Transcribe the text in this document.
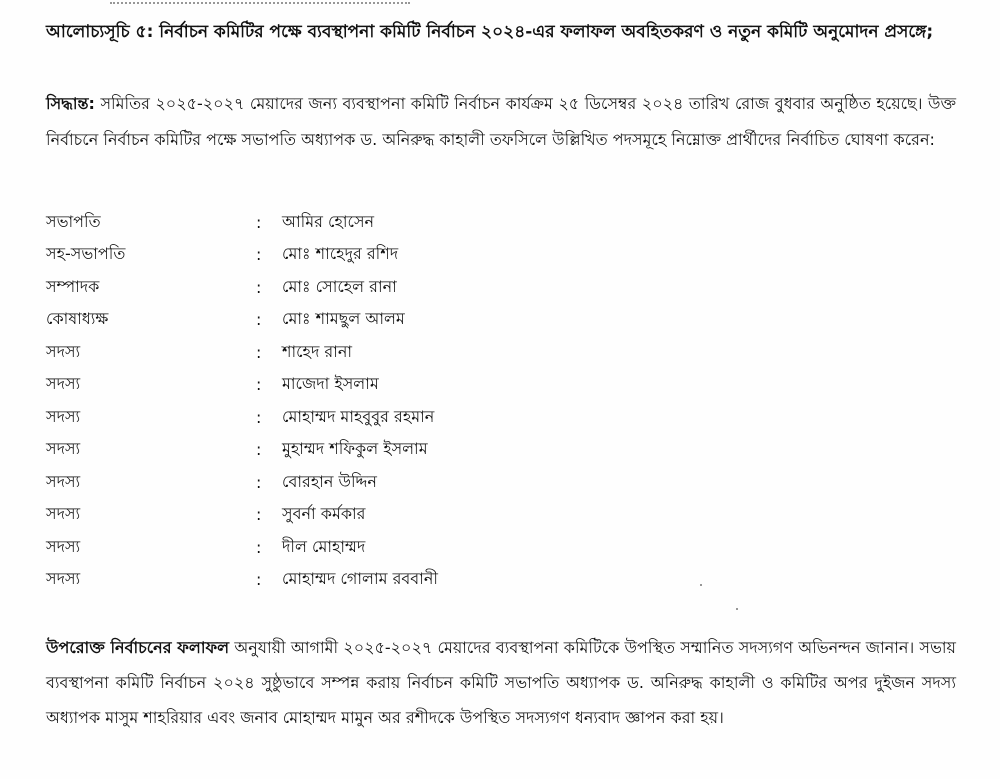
আলোচ্যসূচি ৫: নির্বাচন কমিটির পক্ষে ব্যবস্থাপনা কমিটি নির্বাচন ২০২৪-এর ফলাফল অবহিতকরণ ও নতুন কমিটি অনুমোদন প্রসঙ্গে;
সিদ্ধান্ত: সমিতির ২০২৫-২০২৭ মেয়াদের জন্য ব্যবস্থাপনা কমিটি নির্বাচন কার্যক্রম ২৫ ডিসেম্বর ২০২৪ তারিখ রোজ বুধবার অনুষ্ঠিত হয়েছে। উক্ত নির্বাচনে নির্বাচন কমিটির পক্ষে সভাপতি অধ্যাপক ড. অনিরুদ্ধ কাহালী তফসিলে উল্লিখিত পদসমূহে নিম্নোক্ত প্রার্থীদের নির্বাচিত ঘোষণা করেন:
সভাপতি	:	আমির হোসেন
সহ-সভাপতি	:	মোঃ শাহেদুর রশিদ
সম্পাদক	:	মোঃ সোহেল রানা
কোষাধ্যক্ষ	:	মোঃ শামছুল আলম
সদস্য	:	শাহেদ রানা
সদস্য	:	মাজেদা ইসলাম
সদস্য	:	মোহাম্মদ মাহবুবুর রহমান
সদস্য	:	মুহাম্মদ শফিকুল ইসলাম
সদস্য	:	বোরহান উদ্দিন
সদস্য	:	সুবর্না কর্মকার
সদস্য	:	দীল মোহাম্মদ
সদস্য	:	মোহাম্মদ গোলাম রববানী
উপরোক্ত নির্বাচনের ফলাফল অনুযায়ী আগামী ২০২৫-২০২৭ মেয়াদের ব্যবস্থাপনা কমিটিকে উপস্থিত সম্মানিত সদস্যগণ অভিনন্দন জানান। সভায় ব্যবস্থাপনা কমিটি নির্বাচন ২০২৪ সুষ্ঠুভাবে সম্পন্ন করায় নির্বাচন কমিটি সভাপতি অধ্যাপক ড. অনিরুদ্ধ কাহালী ও কমিটির অপর দুইজন সদস্য অধ্যাপক মাসুম শাহরিয়ার এবং জনাব মোহাম্মদ মামুন অর রশীদকে উপস্থিত সদস্যগণ ধন্যবাদ জ্ঞাপন করা হয়।
